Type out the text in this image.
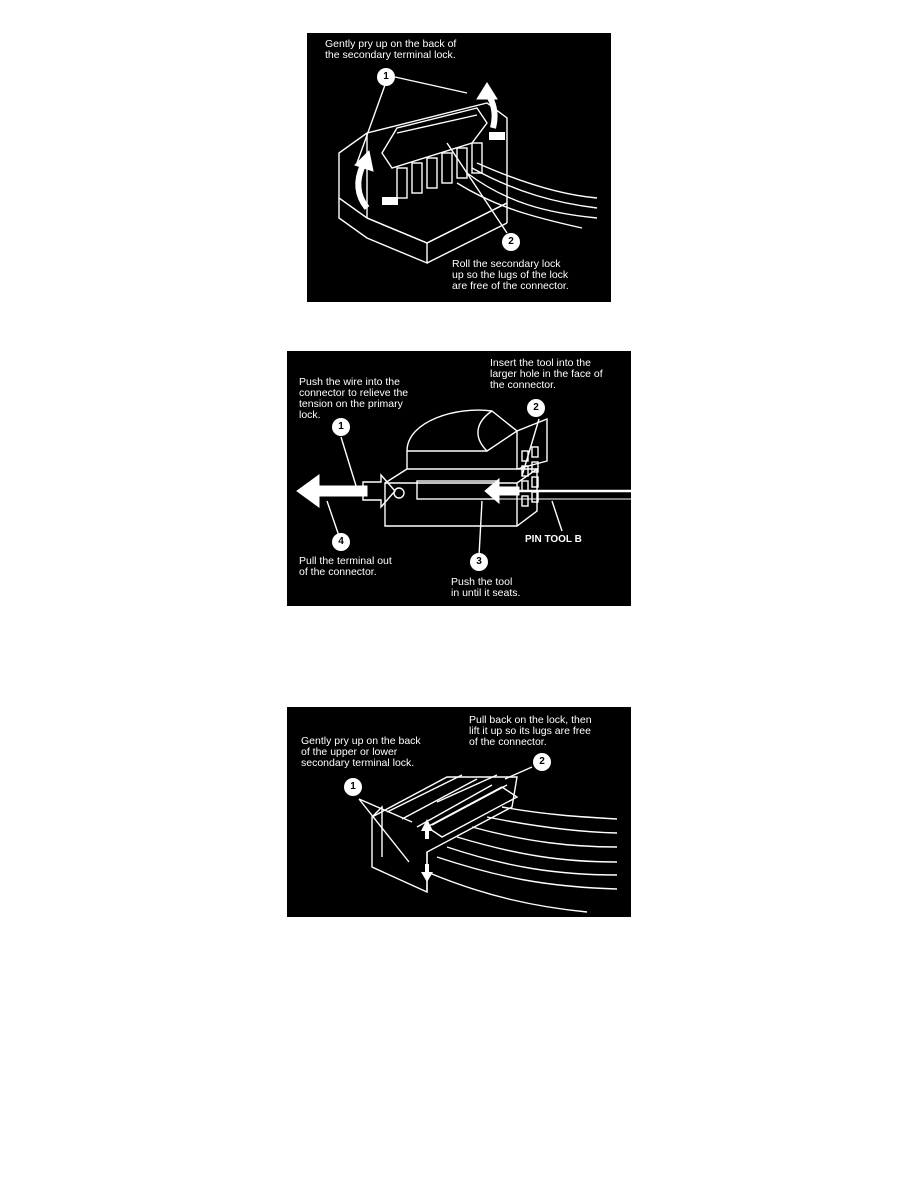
Gently pry up on the back of
the secondary terminal lock.
1
2
Roll the secondary lock
up so the lugs of the lock
are free of the connector.
Push the wire into the
connector to relieve the
tension on the primary
lock.
Insert the tool into the
larger hole in the face of
the connector.
1
2
3
4	PIN TOOL B
Pull the terminal out
of the connector.
Push the tool
in until it seats.
Gently pry up on the back
of the upper or lower
secondary terminal lock.
Pull back on the lock, then
lift it up so its lugs are free
of the connector.
1
2
